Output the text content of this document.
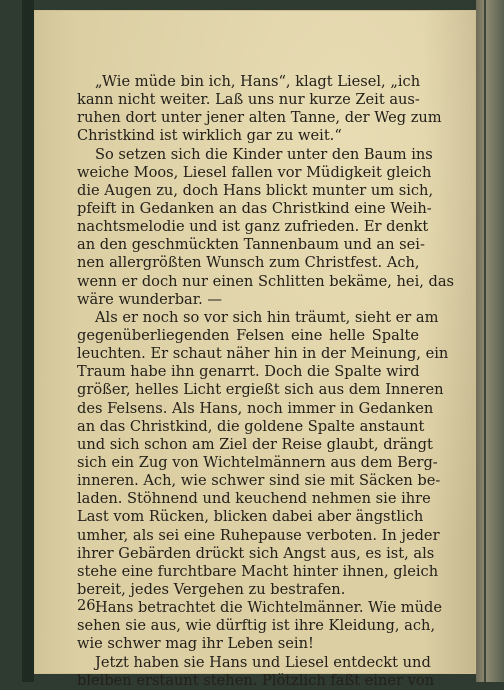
„Wie müde bin ich, Hans“, klagt Liesel, „ich
kann nicht weiter. Laß uns nur kurze Zeit aus-
ruhen dort unter jener alten Tanne, der Weg zum
Christkind ist wirklich gar zu weit.“
So setzen sich die Kinder unter den Baum ins
weiche Moos, Liesel fallen vor Müdigkeit gleich
die Augen zu, doch Hans blickt munter um sich,
pfeift in Gedanken an das Christkind eine Weih-
nachtsmelodie und ist ganz zufrieden. Er denkt
an den geschmückten Tannenbaum und an sei-
nen allergrößten Wunsch zum Christfest. Ach,
wenn er doch nur einen Schlitten bekäme, hei, das
wäre wunderbar. —
Als er noch so vor sich hin träumt, sieht er am
gegenüberliegenden Felsen eine helle Spalte
leuchten. Er schaut näher hin in der Meinung, ein
Traum habe ihn genarrt. Doch die Spalte wird
größer, helles Licht ergießt sich aus dem Inneren
des Felsens. Als Hans, noch immer in Gedanken
an das Christkind, die goldene Spalte anstaunt
und sich schon am Ziel der Reise glaubt, drängt
sich ein Zug von Wichtelmännern aus dem Berg-
inneren. Ach, wie schwer sind sie mit Säcken be-
laden. Stöhnend und keuchend nehmen sie ihre
Last vom Rücken, blicken dabei aber ängstlich
umher, als sei eine Ruhepause verboten. In jeder
ihrer Gebärden drückt sich Angst aus, es ist, als
stehe eine furchtbare Macht hinter ihnen, gleich
bereit, jedes Vergehen zu bestrafen.
Hans betrachtet die Wichtelmänner. Wie müde
sehen sie aus, wie dürftig ist ihre Kleidung, ach,
wie schwer mag ihr Leben sein!
Jetzt haben sie Hans und Liesel entdeckt und
bleiben erstaunt stehen. Plötzlich faßt einer von
26
